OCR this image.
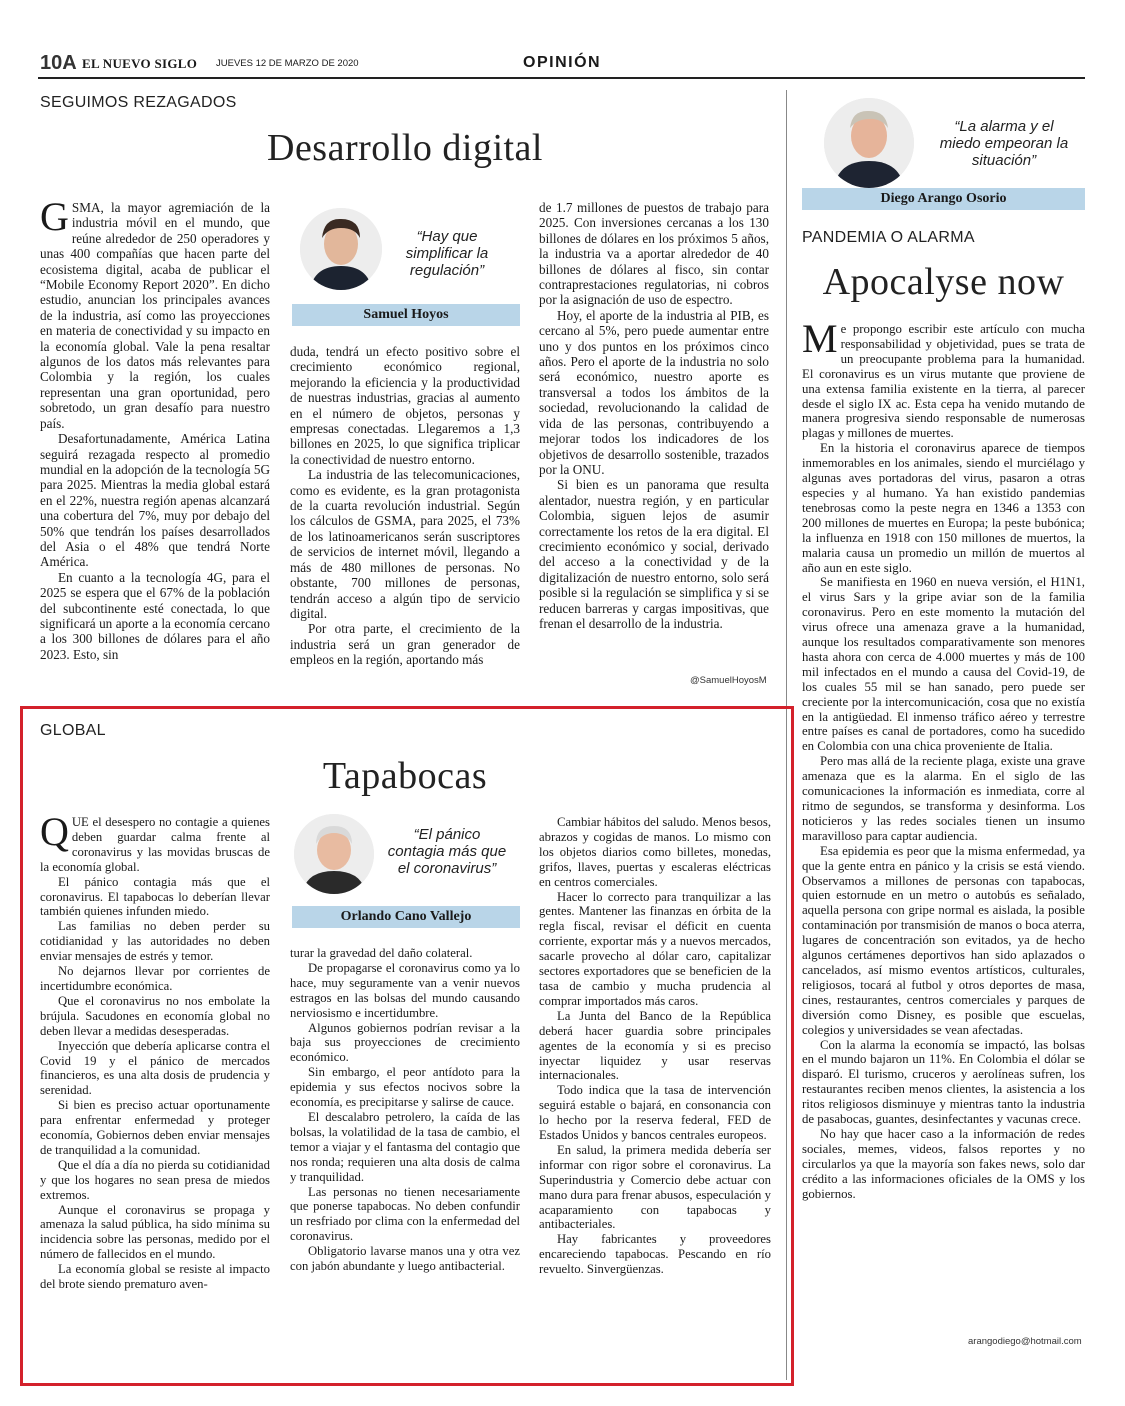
10A EL NUEVO SIGLO JUEVES 12 DE MARZO DE 2020	OPINIÓN
SEGUIMOS REZAGADOS
Desarrollo digital

GSMA, la mayor agremiación de la industria móvil en el mundo, que reúne alrededor de 250 operadores y unas 400 compañías que hacen parte del ecosistema digital, acaba de publicar el “Mobile Economy Report 2020”. En dicho estudio, anuncian los principales avances de la industria, así como las proyecciones en materia de conectividad y su impacto en la economía global. Vale la pena resaltar algunos de los datos más relevantes para Colombia y la región, los cuales representan una gran oportunidad, pero sobretodo, un gran desafío para nuestro país.

Desafortunadamente, América Latina seguirá rezagada respecto al promedio mundial en la adopción de la tecnología 5G para 2025. Mientras la media global estará en el 22%, nuestra región apenas alcanzará una cobertura del 7%, muy por debajo del 50% que tendrán los países desarrollados del Asia o el 48% que tendrá Norte América.

En cuanto a la tecnología 4G, para el 2025 se espera que el 67% de la población del subcontinente esté conectada, lo que significará un aporte a la economía cercano a los 300 billones de dólares para el año 2023. Esto, sin

“Hay que simplificar la regulación”
Samuel Hoyos

duda, tendrá un efecto positivo sobre el crecimiento económico regional, mejorando la eficiencia y la productividad de nuestras industrias, gracias al aumento en el número de objetos, personas y empresas conectadas. Llegaremos a 1,3 billones en 2025, lo que significa triplicar la conectividad de nuestro entorno.

La industria de las telecomunicaciones, como es evidente, es la gran protagonista de la cuarta revolución industrial. Según los cálculos de GSMA, para 2025, el 73% de los latinoamericanos serán suscriptores de servicios de internet móvil, llegando a más de 480 millones de personas. No obstante, 700 millones de personas, tendrán acceso a algún tipo de servicio digital.

Por otra parte, el crecimiento de la industria será un gran generador de empleos en la región, aportando más

de 1.7 millones de puestos de trabajo para 2025. Con inversiones cercanas a los 130 billones de dólares en los próximos 5 años, la industria va a aportar alrededor de 40 billones de dólares al fisco, sin contar contraprestaciones regulatorias, ni cobros por la asignación de uso de espectro.

Hoy, el aporte de la industria al PIB, es cercano al 5%, pero puede aumentar entre uno y dos puntos en los próximos cinco años. Pero el aporte de la industria no solo será económico, nuestro aporte es transversal a todos los ámbitos de la sociedad, revolucionando la calidad de vida de las personas, contribuyendo a mejorar todos los indicadores de los objetivos de desarrollo sostenible, trazados por la ONU.

Si bien es un panorama que resulta alentador, nuestra región, y en particular Colombia, siguen lejos de asumir correctamente los retos de la era digital. El crecimiento económico y social, derivado del acceso a la conectividad y de la digitalización de nuestro entorno, solo será posible si la regulación se simplifica y si se reducen barreras y cargas impositivas, que frenan el desarrollo de la industria.

@SamuelHoyosM
GLOBAL
Tapabocas

QUE el desespero no contagie a quienes deben guardar calma frente al coronavirus y las movidas bruscas de la economía global.

El pánico contagia más que el coronavirus. El tapabocas lo deberían llevar también quienes infunden miedo.

Las familias no deben perder su cotidianidad y las autoridades no deben enviar mensajes de estrés y temor.

No dejarnos llevar por corrientes de incertidumbre económica.

Que el coronavirus no nos embolate la brújula. Sacudones en economía global no deben llevar a medidas desesperadas.

Inyección que debería aplicarse contra el Covid 19 y el pánico de mercados financieros, es una alta dosis de prudencia y serenidad.

Si bien es preciso actuar oportunamente para enfrentar enfermedad y proteger economía, Gobiernos deben enviar mensajes de tranquilidad a la comunidad.

Que el día a día no pierda su cotidianidad y que los hogares no sean presa de miedos extremos.

Aunque el coronavirus se propaga y amenaza la salud pública, ha sido mínima su incidencia sobre las personas, medido por el número de fallecidos en el mundo.

La economía global se resiste al impacto del brote siendo prematuro aven-

“El pánico contagia más que el coronavirus”
Orlando Cano Vallejo

turar la gravedad del daño colateral.

De propagarse el coronavirus como ya lo hace, muy seguramente van a venir nuevos estragos en las bolsas del mundo causando nerviosismo e incertidumbre.

Algunos gobiernos podrían revisar a la baja sus proyecciones de crecimiento económico.

Sin embargo, el peor antídoto para la epidemia y sus efectos nocivos sobre la economía, es precipitarse y salirse de cauce.

El descalabro petrolero, la caída de las bolsas, la volatilidad de la tasa de cambio, el temor a viajar y el fantasma del contagio que nos ronda; requieren una alta dosis de calma y tranquilidad.

Las personas no tienen necesariamente que ponerse tapabocas. No deben confundir un resfriado por clima con la enfermedad del coronavirus.

Obligatorio lavarse manos una y otra vez con jabón abundante y luego antibacterial.

Cambiar hábitos del saludo. Menos besos, abrazos y cogidas de manos. Lo mismo con los objetos diarios como billetes, monedas, grifos, llaves, puertas y escaleras eléctricas en centros comerciales.

Hacer lo correcto para tranquilizar a las gentes. Mantener las finanzas en órbita de la regla fiscal, revisar el déficit en cuenta corriente, exportar más y a nuevos mercados, sacarle provecho al dólar caro, capitalizar sectores exportadores que se beneficien de la tasa de cambio y mucha prudencia al comprar importados más caros.

La Junta del Banco de la República deberá hacer guardia sobre principales agentes de la economía y si es preciso inyectar liquidez y usar reservas internacionales.

Todo indica que la tasa de intervención seguirá estable o bajará, en consonancia con lo hecho por la reserva federal, FED de Estados Unidos y bancos centrales europeos.

En salud, la primera medida debería ser informar con rigor sobre el coronavirus. La Superindustria y Comercio debe actuar con mano dura para frenar abusos, especulación y acaparamiento con tapabocas y antibacteriales.

Hay fabricantes y proveedores encareciendo tapabocas. Pescando en río revuelto. Sinvergüenzas.

“La alarma y el miedo empeoran la situación”
Diego Arango Osorio
PANDEMIA O ALARMA
Apocalyse now

Me propongo escribir este artículo con mucha responsabilidad y objetividad, pues se trata de un preocupante problema para la humanidad. El coronavirus es un virus mutante que proviene de una extensa familia existente en la tierra, al parecer desde el siglo IX ac. Esta cepa ha venido mutando de manera progresiva siendo responsable de numerosas plagas y millones de muertes.

En la historia el coronavirus aparece de tiempos inmemorables en los animales, siendo el murciélago y algunas aves portadoras del virus, pasaron a otras especies y al humano. Ya han existido pandemias tenebrosas como la peste negra en 1346 a 1353 con 200 millones de muertes en Europa; la peste bubónica; la influenza en 1918 con 150 millones de muertos, la malaria causa un promedio un millón de muertos al año aun en este siglo.

Se manifiesta en 1960 en nueva versión, el H1N1, el virus Sars y la gripe aviar son de la familia coronavirus. Pero en este momento la mutación del virus ofrece una amenaza grave a la humanidad, aunque los resultados comparativamente son menores hasta ahora con cerca de 4.000 muertes y más de 100 mil infectados en el mundo a causa del Covid-19, de los cuales 55 mil se han sanado, pero puede ser creciente por la intercomunicación, cosa que no existía en la antigüedad. El inmenso tráfico aéreo y terrestre entre países es canal de portadores, como ha sucedido en Colombia con una chica proveniente de Italia.

Pero mas allá de la reciente plaga, existe una grave amenaza que es la alarma. En el siglo de las comunicaciones la información es inmediata, corre al ritmo de segundos, se transforma y desinforma. Los noticieros y las redes sociales tienen un insumo maravilloso para captar audiencia.

Esa epidemia es peor que la misma enfermedad, ya que la gente entra en pánico y la crisis se está viendo. Observamos a millones de personas con tapabocas, quien estornude en un metro o autobús es señalado, aquella persona con gripe normal es aislada, la posible contaminación por transmisión de manos o boca aterra, lugares de concentración son evitados, ya de hecho algunos certámenes deportivos han sido aplazados o cancelados, así mismo eventos artísticos, culturales, religiosos, tocará al futbol y otros deportes de masa, cines, restaurantes, centros comerciales y parques de diversión como Disney, es posible que escuelas, colegios y universidades se vean afectadas.

Con la alarma la economía se impactó, las bolsas en el mundo bajaron un 11%. En Colombia el dólar se disparó. El turismo, cruceros y aerolíneas sufren, los restaurantes reciben menos clientes, la asistencia a los ritos religiosos disminuye y mientras tanto la industria de pasabocas, guantes, desinfectantes y vacunas crece.

No hay que hacer caso a la información de redes sociales, memes, videos, falsos reportes y no circularlos ya que la mayoría son fakes news, solo dar crédito a las informaciones oficiales de la OMS y los gobiernos.

arangodiego@hotmail.com
